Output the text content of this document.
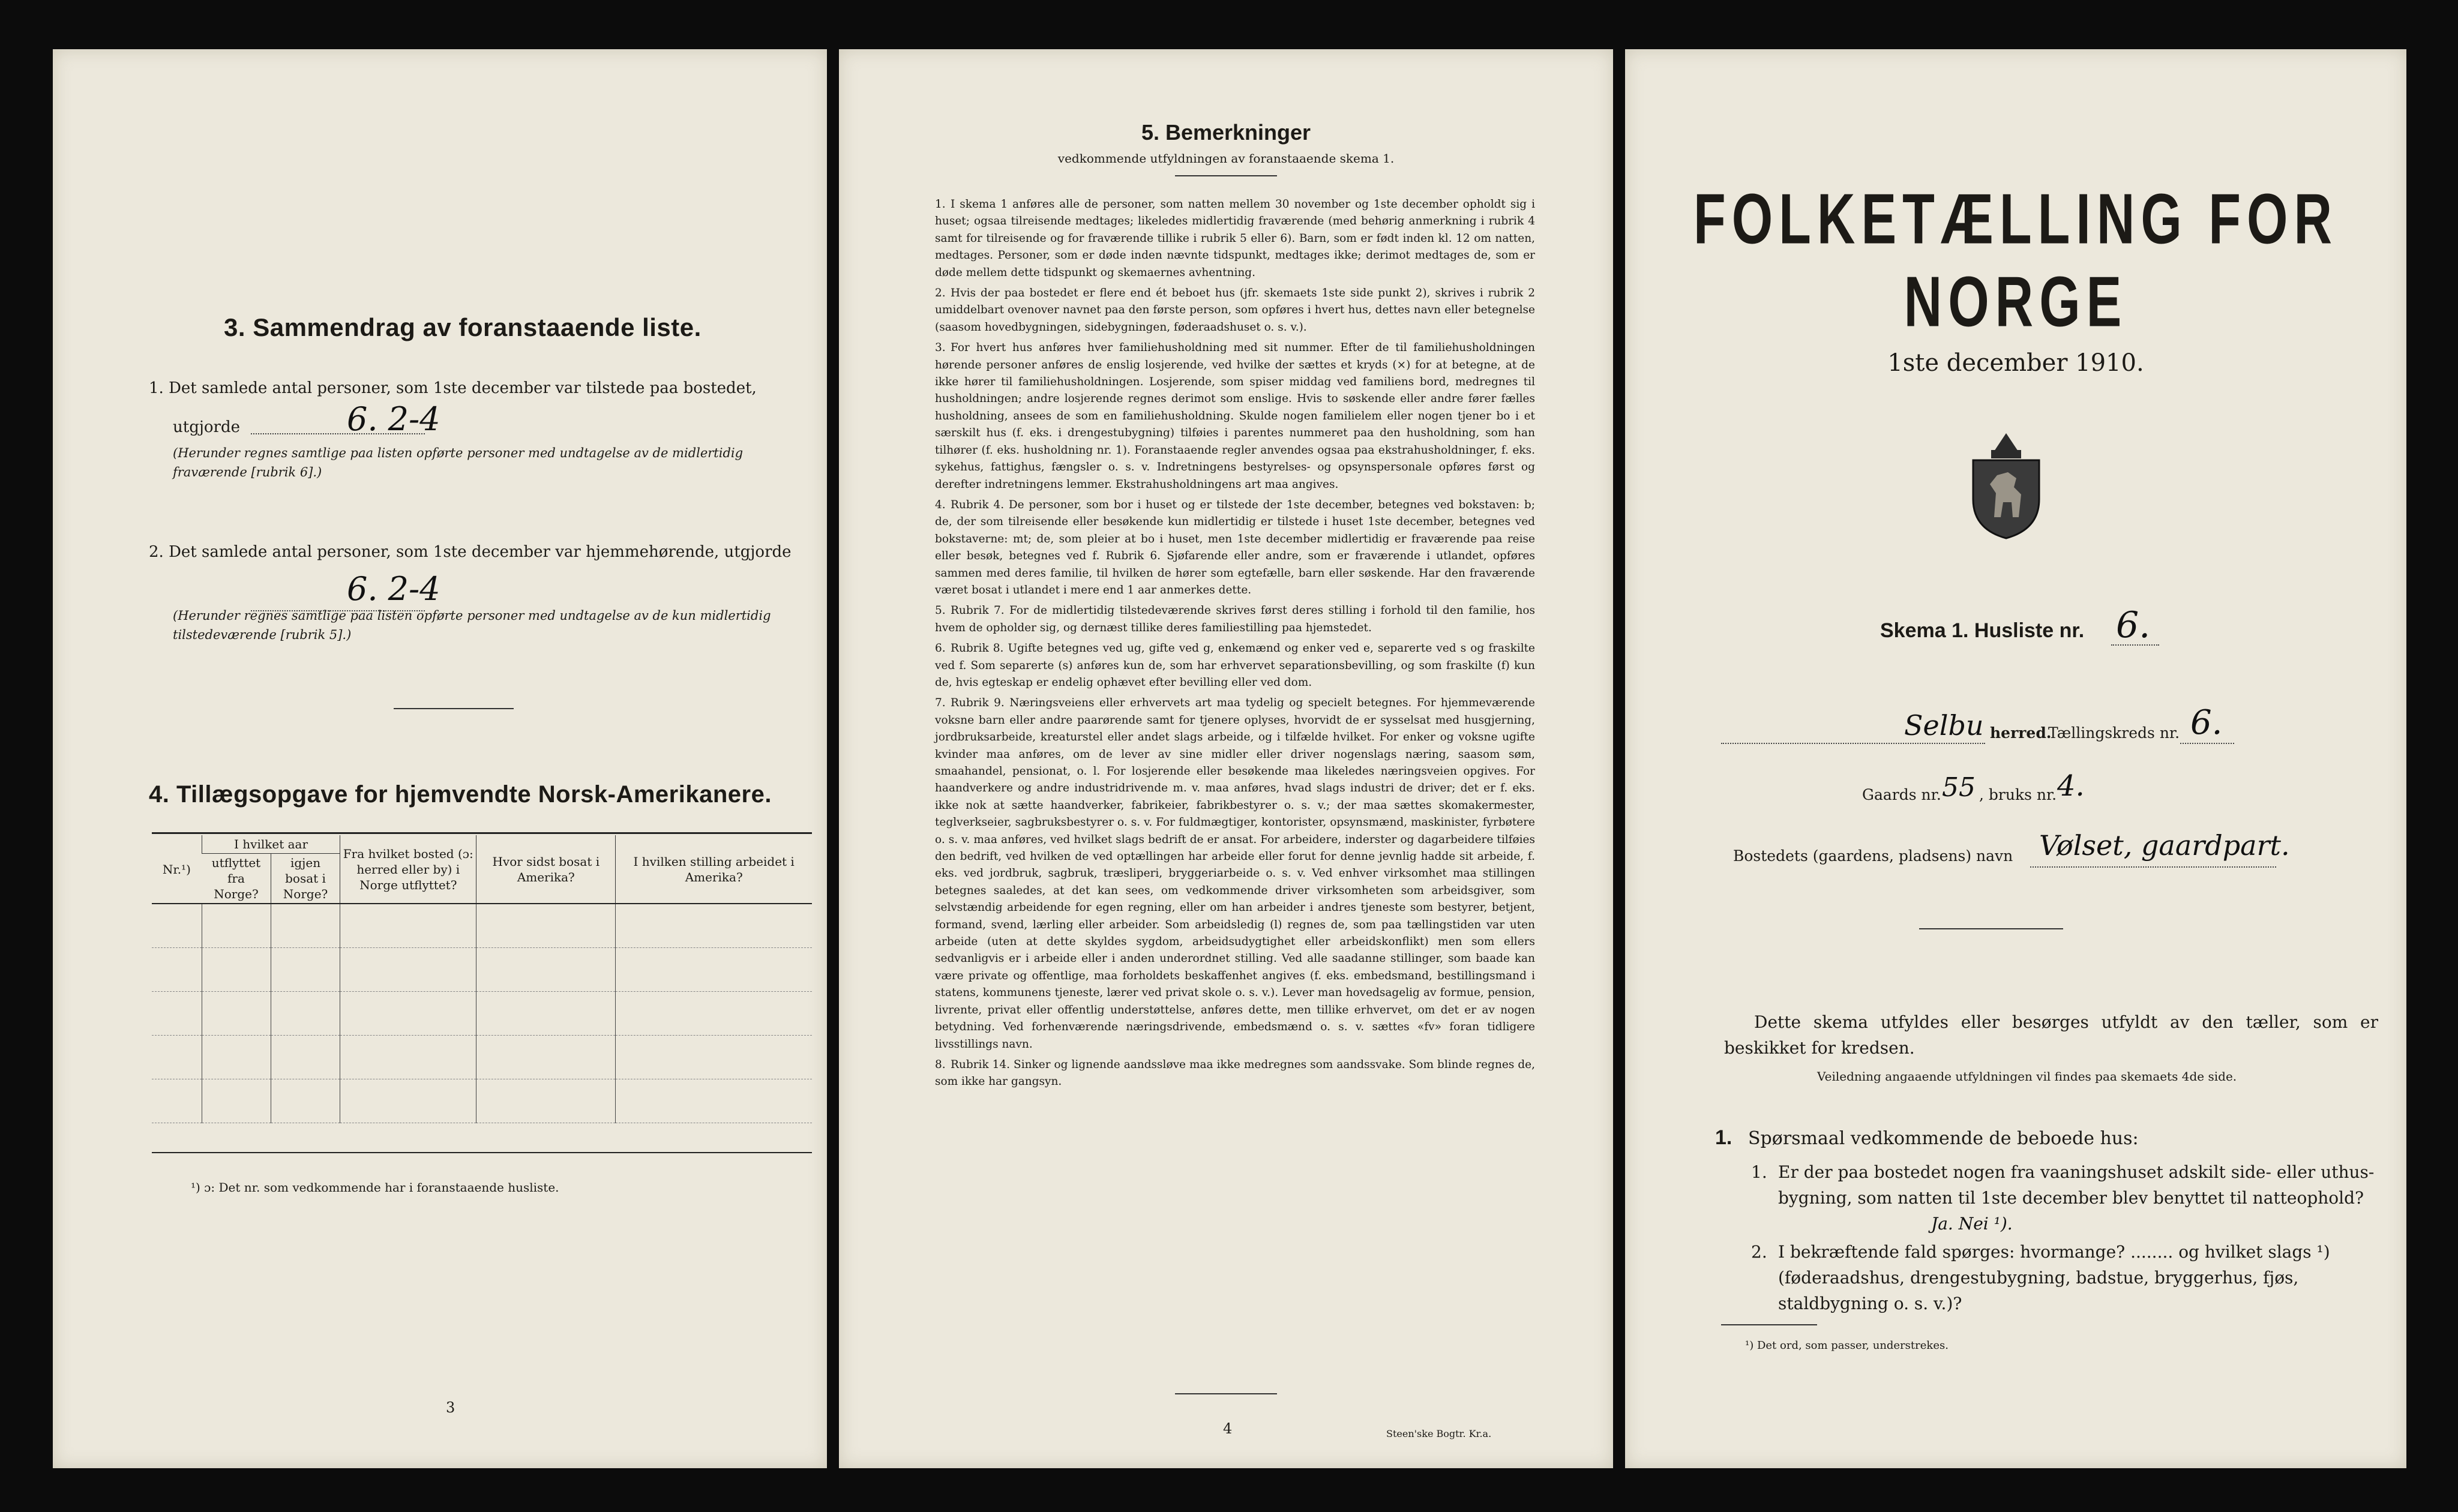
3. Sammendrag av foranstaaende liste.
1. Det samlede antal personer, som 1ste december var tilstede paa bostedet,
utgjorde	6. 2-4
(Herunder regnes samtlige paa listen opførte personer med undtagelse av de midlertidig fraværende [rubrik 6].)
2. Det samlede antal personer, som 1ste december var hjemmehørende, utgjorde
6. 2-4
(Herunder regnes samtlige paa listen opførte personer med undtagelse av de kun midlertidig tilstedeværende [rubrik 5].)
4. Tillægsopgave for hjemvendte Norsk-Amerikanere.
Nr.¹)	I hvilket aar		Fra hvilket bosted (ɔ: herred eller by) i Norge utflyttet?	Hvor sidst bosat i Amerika?	I hvilken stilling arbeidet i Amerika?
	utflyttet fra Norge?	igjen bosat i Norge?			

¹) ɔ: Det nr. som vedkommende har i foranstaaende husliste.
3
5. Bemerkninger
vedkommende utfyldningen av foranstaaende skema 1.
1. I skema 1 anføres alle de personer, som natten mellem 30 november og 1ste december opholdt sig i huset; ogsaa tilreisende medtages; likeledes midlertidig fraværende (med behørig anmerkning i rubrik 4 samt for tilreisende og for fraværende tillike i rubrik 5 eller 6). Barn, som er født inden kl. 12 om natten, medtages. Personer, som er døde inden nævnte tidspunkt, medtages ikke; derimot medtages de, som er døde mellem dette tidspunkt og skemaernes avhentning.
2. Hvis der paa bostedet er flere end ét beboet hus (jfr. skemaets 1ste side punkt 2), skrives i rubrik 2 umiddelbart ovenover navnet paa den første person, som opføres i hvert hus, dettes navn eller betegnelse (saasom hovedbygningen, sidebygningen, føderaadshuset o. s. v.).
3. For hvert hus anføres hver familiehusholdning med sit nummer. Efter de til familiehusholdningen hørende personer anføres de enslig losjerende, ved hvilke der sættes et kryds (×) for at betegne, at de ikke hører til familiehusholdningen. Losjerende, som spiser middag ved familiens bord, medregnes til husholdningen; andre losjerende regnes derimot som enslige. Hvis to søskende eller andre fører fælles husholdning, ansees de som en familiehusholdning. Skulde nogen familielem eller nogen tjener bo i et særskilt hus (f. eks. i drengestubygning) tilføies i parentes nummeret paa den husholdning, som han tilhører (f. eks. husholdning nr. 1). Foranstaaende regler anvendes ogsaa paa ekstrahusholdninger, f. eks. sykehus, fattighus, fængsler o. s. v. Indretningens bestyrelses- og opsynspersonale opføres først og derefter indretningens lemmer. Ekstrahusholdningens art maa angives.
4. Rubrik 4. De personer, som bor i huset og er tilstede der 1ste december, betegnes ved bokstaven: b; de, der som tilreisende eller besøkende kun midlertidig er tilstede i huset 1ste december, betegnes ved bokstaverne: mt; de, som pleier at bo i huset, men 1ste december midlertidig er fraværende paa reise eller besøk, betegnes ved f. Rubrik 6. Sjøfarende eller andre, som er fraværende i utlandet, opføres sammen med deres familie, til hvilken de hører som egtefælle, barn eller søskende. Har den fraværende været bosat i utlandet i mere end 1 aar anmerkes dette.
5. Rubrik 7. For de midlertidig tilstedeværende skrives først deres stilling i forhold til den familie, hos hvem de opholder sig, og dernæst tillike deres familiestilling paa hjemstedet.
6. Rubrik 8. Ugifte betegnes ved ug, gifte ved g, enkemænd og enker ved e, separerte ved s og fraskilte ved f. Som separerte (s) anføres kun de, som har erhvervet separationsbevilling, og som fraskilte (f) kun de, hvis egteskap er endelig ophævet efter bevilling eller ved dom.
7. Rubrik 9. Næringsveiens eller erhvervets art maa tydelig og specielt betegnes. For hjemmeværende voksne barn eller andre paarørende samt for tjenere oplyses, hvorvidt de er sysselsat med husgjerning, jordbruksarbeide, kreaturstel eller andet slags arbeide, og i tilfælde hvilket. For enker og voksne ugifte kvinder maa anføres, om de lever av sine midler eller driver nogenslags næring, saasom søm, smaahandel, pensionat, o. l. For losjerende eller besøkende maa likeledes næringsveien opgives. For haandverkere og andre industridrivende m. v. maa anføres, hvad slags industri de driver; det er f. eks. ikke nok at sætte haandverker, fabrikeier, fabrikbestyrer o. s. v.; der maa sættes skomakermester, teglverkseier, sagbruksbestyrer o. s. v. For fuldmægtiger, kontorister, opsynsmænd, maskinister, fyrbøtere o. s. v. maa anføres, ved hvilket slags bedrift de er ansat. For arbeidere, inderster og dagarbeidere tilføies den bedrift, ved hvilken de ved optællingen har arbeide eller forut for denne jevnlig hadde sit arbeide, f. eks. ved jordbruk, sagbruk, træsliperi, bryggeriarbeide o. s. v. Ved enhver virksomhet maa stillingen betegnes saaledes, at det kan sees, om vedkommende driver virksomheten som arbeidsgiver, som selvstændig arbeidende for egen regning, eller om han arbeider i andres tjeneste som bestyrer, betjent, formand, svend, lærling eller arbeider. Som arbeidsledig (l) regnes de, som paa tællingstiden var uten arbeide (uten at dette skyldes sygdom, arbeidsudygtighet eller arbeidskonflikt) men som ellers sedvanligvis er i arbeide eller i anden underordnet stilling. Ved alle saadanne stillinger, som baade kan være private og offentlige, maa forholdets beskaffenhet angives (f. eks. embedsmand, bestillingsmand i statens, kommunens tjeneste, lærer ved privat skole o. s. v.). Lever man hovedsagelig av formue, pension, livrente, privat eller offentlig understøttelse, anføres dette, men tillike erhvervet, om det er av nogen betydning. Ved forhenværende næringsdrivende, embedsmænd o. s. v. sættes «fv» foran tidligere livsstillings navn.
8. Rubrik 14. Sinker og lignende aandssløve maa ikke medregnes som aandssvake. Som blinde regnes de, som ikke har gangsyn.
4	Steen'ske Bogtr. Kr.a.
FOLKETÆLLING FOR NORGE
1ste december 1910.
Skema 1. Husliste nr. 6.
Selbu herred.
Tællingskreds nr. 6.
Gaards nr. 55 , bruks nr. 4.
Bostedets (gaardens, pladsens) navn Vølset, gaardpart.
Dette skema utfyldes eller besørges utfyldt av den tæller, som er beskikket for kredsen.
Veiledning angaaende utfyldningen vil findes paa skemaets 4de side.
1. Spørsmaal vedkommende de beboede hus:
1. Er der paa bostedet nogen fra vaaningshuset adskilt side- eller uthus-bygning, som natten til 1ste december blev benyttet til natteophold?
Ja. Nei ¹).
2. I bekræftende fald spørges: hvormange? ........ og hvilket slags ¹) (føderaadshus, drengestubygning, badstue, bryggerhus, fjøs, staldbygning o. s. v.)?
¹) Det ord, som passer, understrekes.
